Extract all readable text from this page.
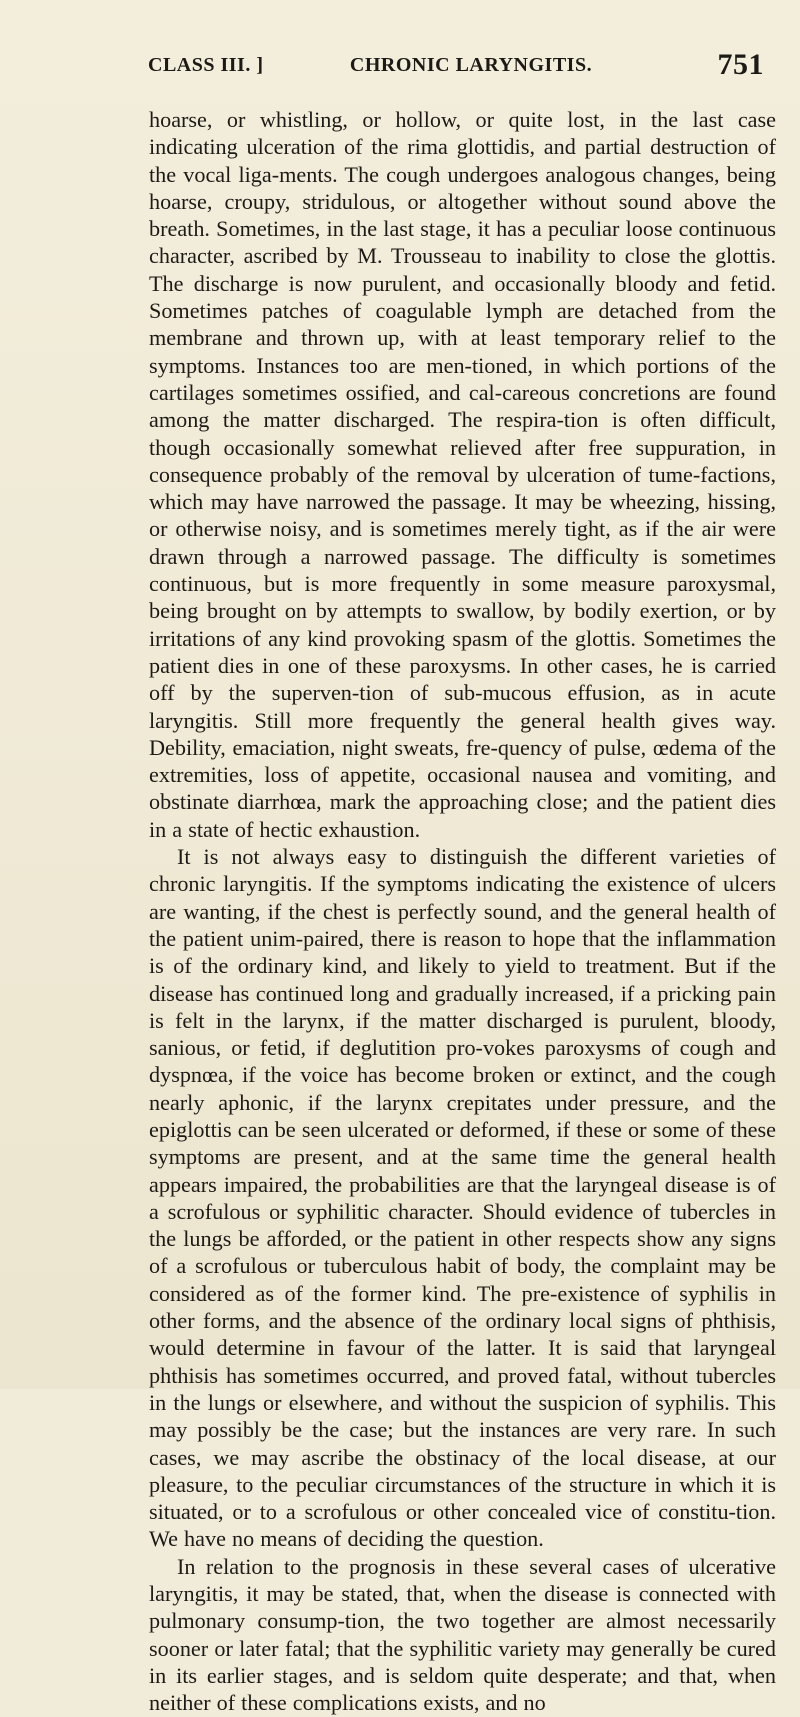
CLASS III. ]	CHRONIC LARYNGITIS.	751

hoarse, or whistling, or hollow, or quite lost, in the last case indicating ulceration of the rima glottidis, and partial destruction of the vocal liga-ments. The cough undergoes analogous changes, being hoarse, croupy, stridulous, or altogether without sound above the breath. Sometimes, in the last stage, it has a peculiar loose continuous character, ascribed by M. Trousseau to inability to close the glottis. The discharge is now purulent, and occasionally bloody and fetid. Sometimes patches of coagulable lymph are detached from the membrane and thrown up, with at least temporary relief to the symptoms. Instances too are men-tioned, in which portions of the cartilages sometimes ossified, and cal-careous concretions are found among the matter discharged. The respira-tion is often difficult, though occasionally somewhat relieved after free suppuration, in consequence probably of the removal by ulceration of tume-factions, which may have narrowed the passage. It may be wheezing, hissing, or otherwise noisy, and is sometimes merely tight, as if the air were drawn through a narrowed passage. The difficulty is sometimes continuous, but is more frequently in some measure paroxysmal, being brought on by attempts to swallow, by bodily exertion, or by irritations of any kind provoking spasm of the glottis. Sometimes the patient dies in one of these paroxysms. In other cases, he is carried off by the superven-tion of sub-mucous effusion, as in acute laryngitis. Still more frequently the general health gives way. Debility, emaciation, night sweats, fre-quency of pulse, œdema of the extremities, loss of appetite, occasional nausea and vomiting, and obstinate diarrhœa, mark the approaching close; and the patient dies in a state of hectic exhaustion.

It is not always easy to distinguish the different varieties of chronic laryngitis. If the symptoms indicating the existence of ulcers are wanting, if the chest is perfectly sound, and the general health of the patient unim-paired, there is reason to hope that the inflammation is of the ordinary kind, and likely to yield to treatment. But if the disease has continued long and gradually increased, if a pricking pain is felt in the larynx, if the matter discharged is purulent, bloody, sanious, or fetid, if deglutition pro-vokes paroxysms of cough and dyspnœa, if the voice has become broken or extinct, and the cough nearly aphonic, if the larynx crepitates under pressure, and the epiglottis can be seen ulcerated or deformed, if these or some of these symptoms are present, and at the same time the general health appears impaired, the probabilities are that the laryngeal disease is of a scrofulous or syphilitic character. Should evidence of tubercles in the lungs be afforded, or the patient in other respects show any signs of a scrofulous or tuberculous habit of body, the complaint may be considered as of the former kind. The pre-existence of syphilis in other forms, and the absence of the ordinary local signs of phthisis, would determine in favour of the latter. It is said that laryngeal phthisis has sometimes occurred, and proved fatal, without tubercles in the lungs or elsewhere, and without the suspicion of syphilis. This may possibly be the case; but the instances are very rare. In such cases, we may ascribe the obstinacy of the local disease, at our pleasure, to the peculiar circumstances of the structure in which it is situated, or to a scrofulous or other concealed vice of constitu-tion. We have no means of deciding the question.

In relation to the prognosis in these several cases of ulcerative laryngitis, it may be stated, that, when the disease is connected with pulmonary consump-tion, the two together are almost necessarily sooner or later fatal; that the syphilitic variety may generally be cured in its earlier stages, and is seldom quite desperate; and that, when neither of these complications exists, and no
